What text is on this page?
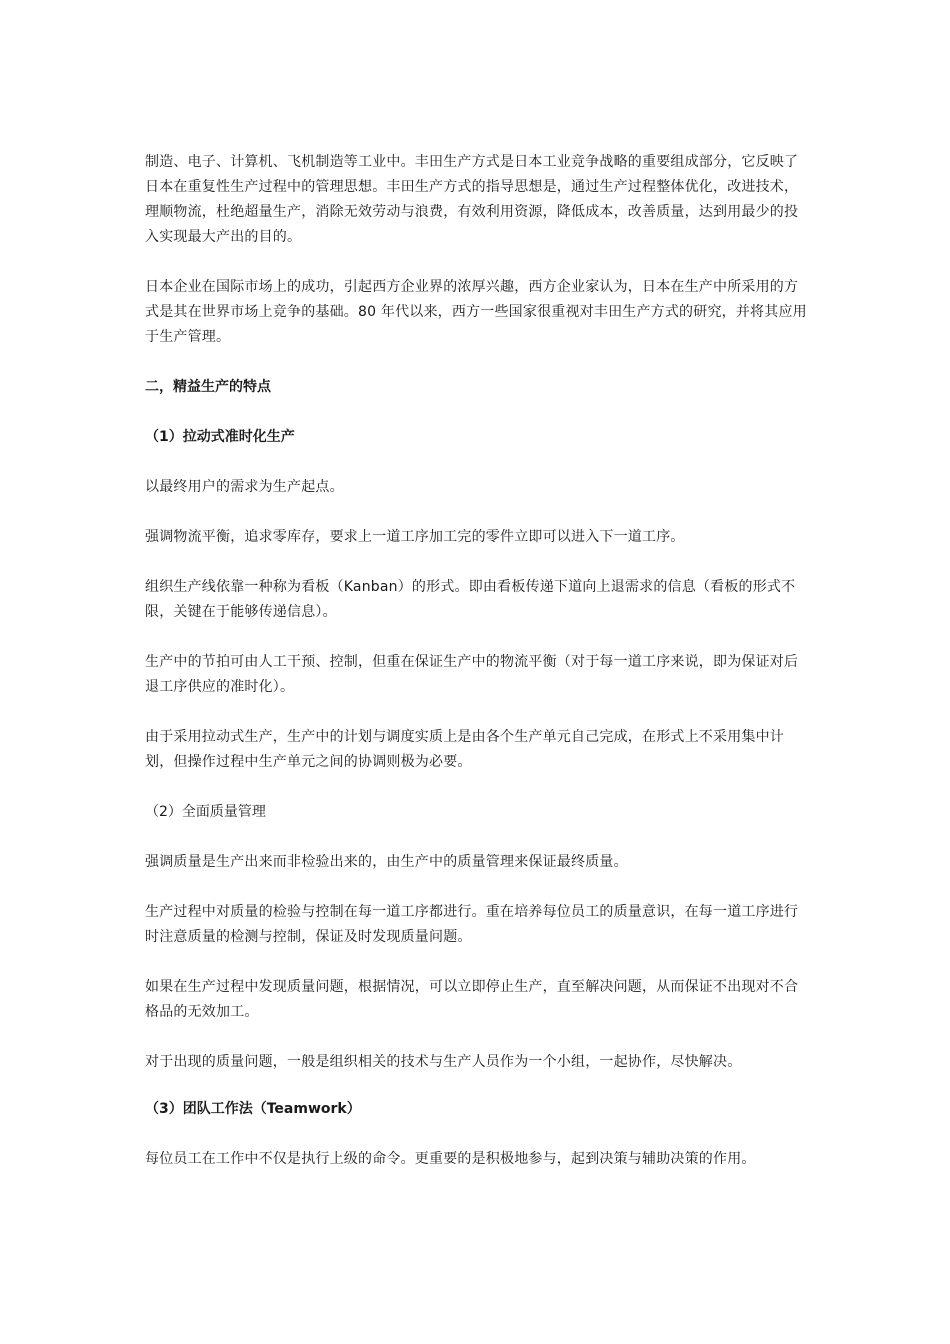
制造、电子、计算机、飞机制造等工业中。丰田生产方式是日本工业竞争战略的重要组成部分，它反映了日本在重复性生产过程中的管理思想。丰田生产方式的指导思想是，通过生产过程整体优化，改进技术，理顺物流，杜绝超量生产，消除无效劳动与浪费，有效利用资源，降低成本，改善质量，达到用最少的投入实现最大产出的目的。

日本企业在国际市场上的成功，引起西方企业界的浓厚兴趣，西方企业家认为，日本在生产中所采用的方式是其在世界市场上竞争的基础。80 年代以来，西方一些国家很重视对丰田生产方式的研究，并将其应用于生产管理。

二，精益生产的特点

（1）拉动式准时化生产

以最终用户的需求为生产起点。

强调物流平衡，追求零库存，要求上一道工序加工完的零件立即可以进入下一道工序。

组织生产线依靠一种称为看板（Kanban）的形式。即由看板传递下道向上退需求的信息（看板的形式不限，关键在于能够传递信息）。

生产中的节拍可由人工干预、控制，但重在保证生产中的物流平衡（对于每一道工序来说，即为保证对后退工序供应的准时化）。

由于采用拉动式生产，生产中的计划与调度实质上是由各个生产单元自己完成，在形式上不采用集中计划，但操作过程中生产单元之间的协调则极为必要。

（2）全面质量管理

强调质量是生产出来而非检验出来的，由生产中的质量管理来保证最终质量。

生产过程中对质量的检验与控制在每一道工序都进行。重在培养每位员工的质量意识，在每一道工序进行时注意质量的检测与控制，保证及时发现质量问题。

如果在生产过程中发现质量问题，根据情况，可以立即停止生产，直至解决问题，从而保证不出现对不合格品的无效加工。

对于出现的质量问题，一般是组织相关的技术与生产人员作为一个小组，一起协作，尽快解决。

（3）团队工作法（Teamwork）

每位员工在工作中不仅是执行上级的命令。更重要的是积极地参与，起到决策与辅助决策的作用。
